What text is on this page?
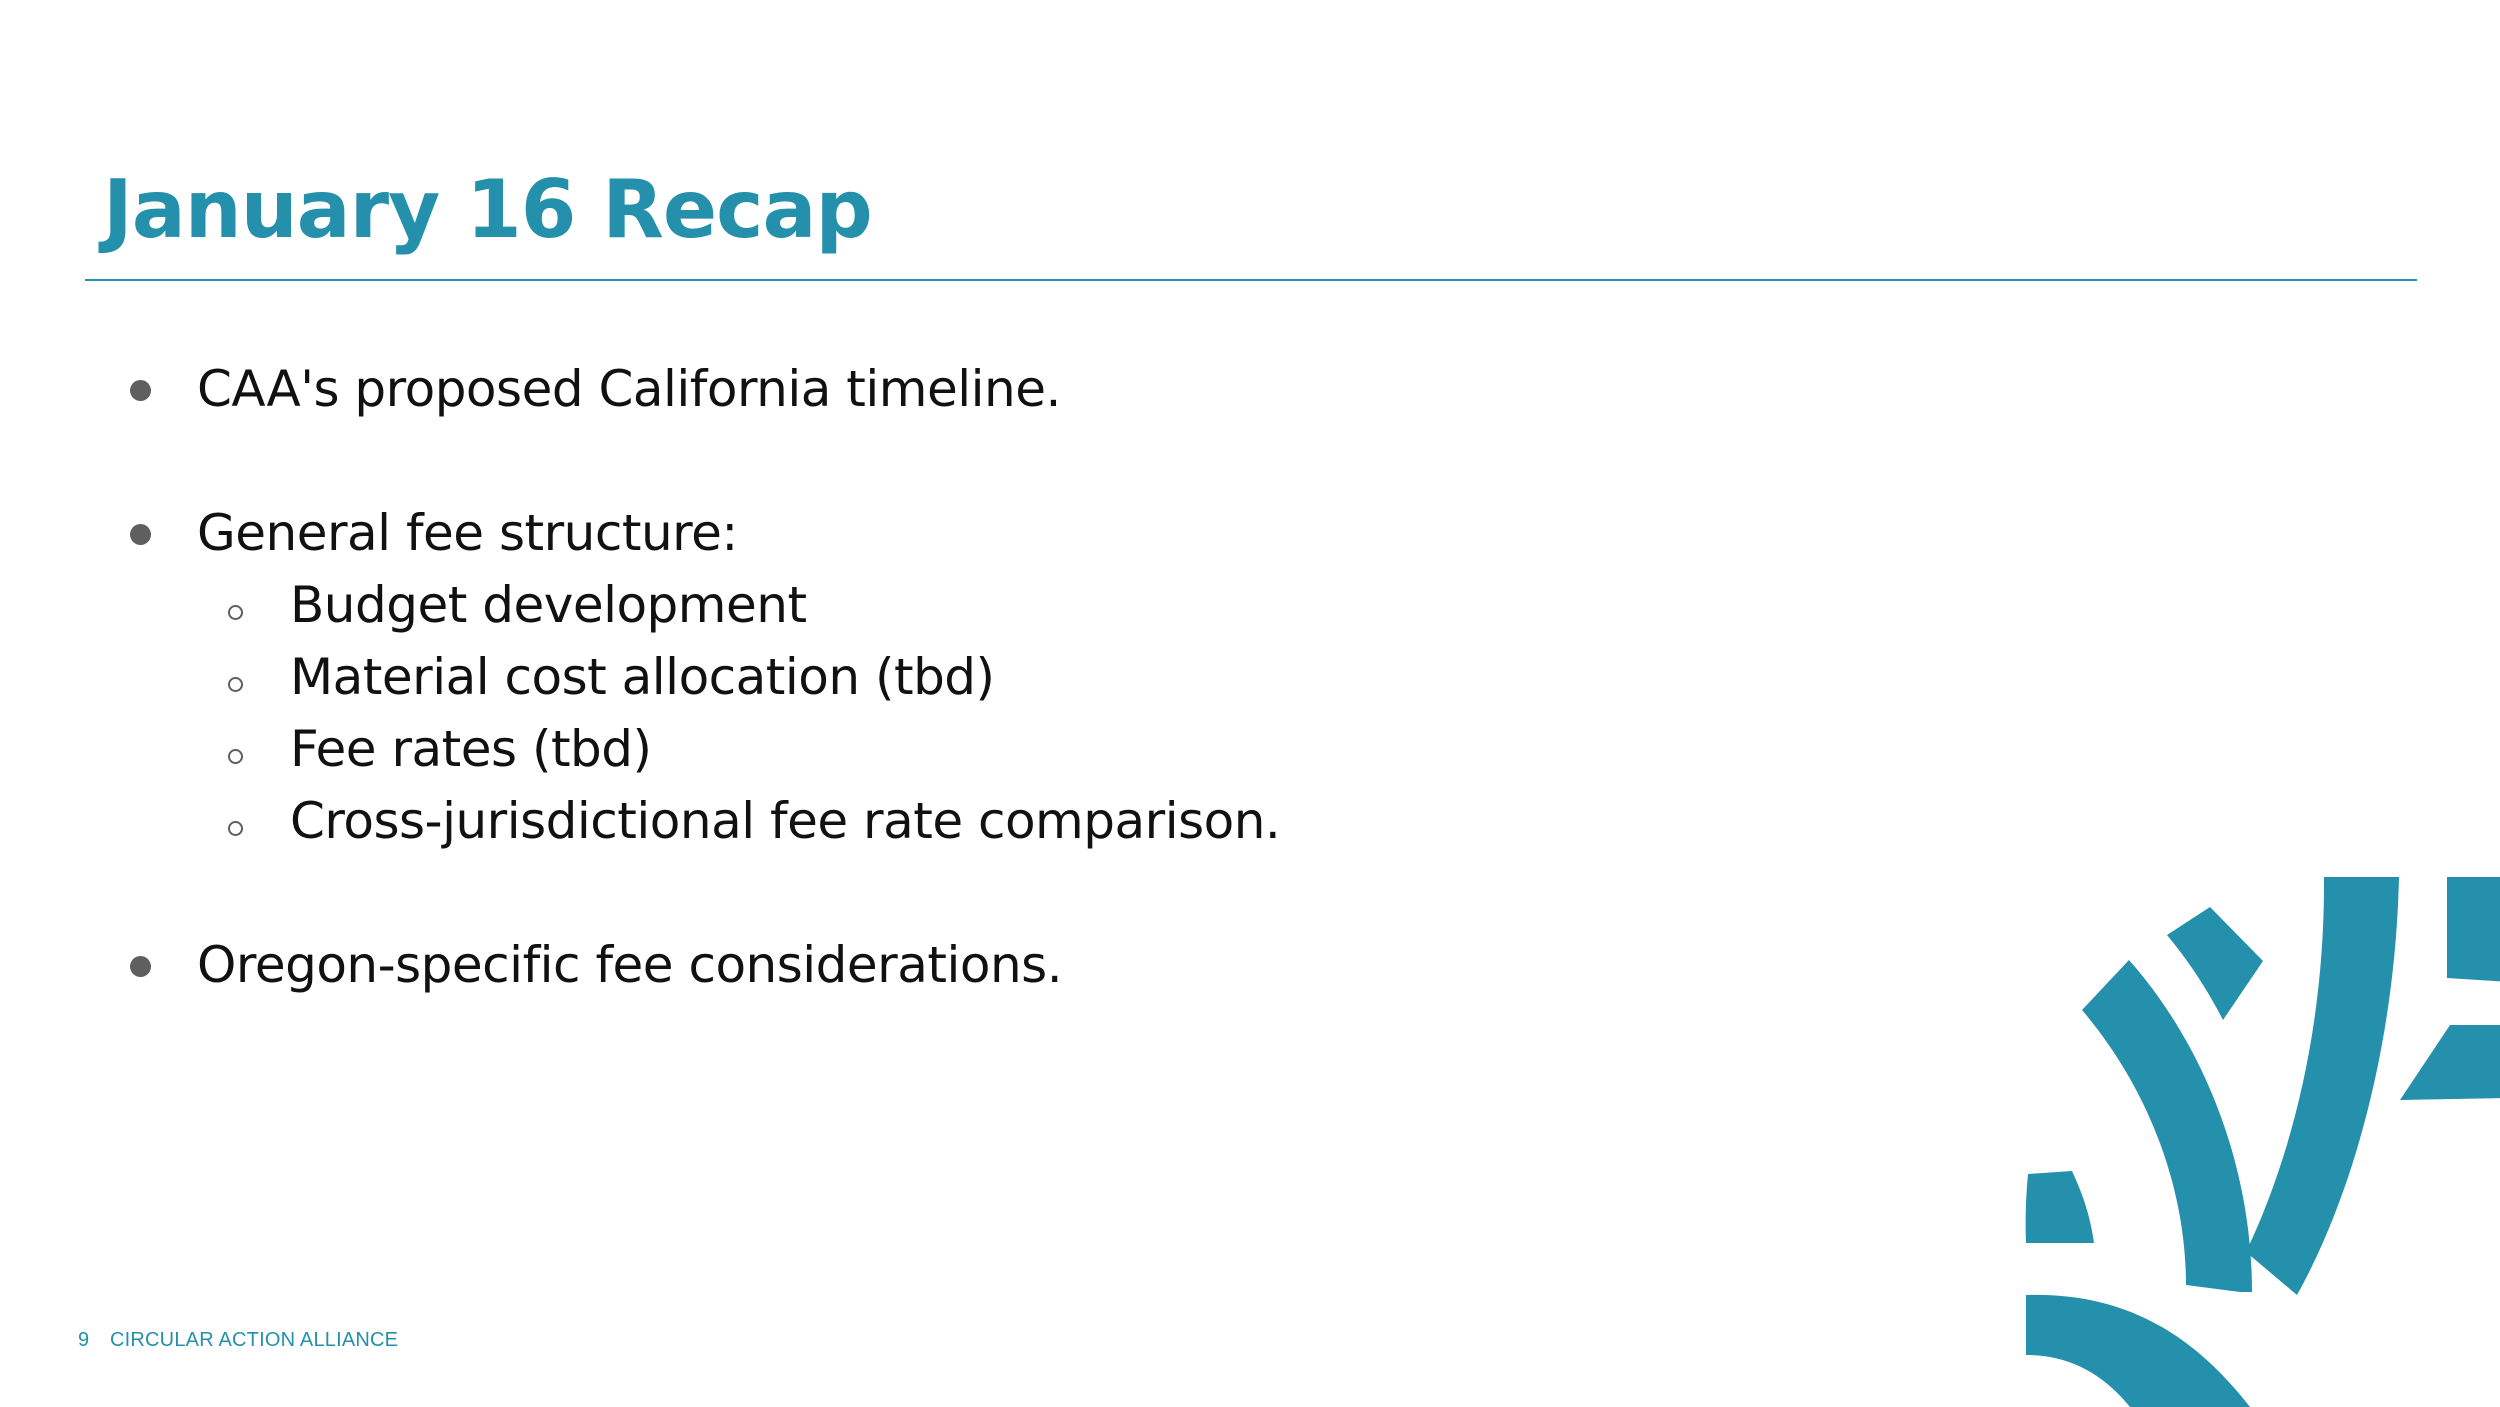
January 16 Recap
CAA's proposed California timeline.
General fee structure:
Budget development
Material cost allocation (tbd)
Fee rates (tbd)
Cross-jurisdictional fee rate comparison.
Oregon-specific fee considerations.
9 CIRCULAR ACTION ALLIANCE
